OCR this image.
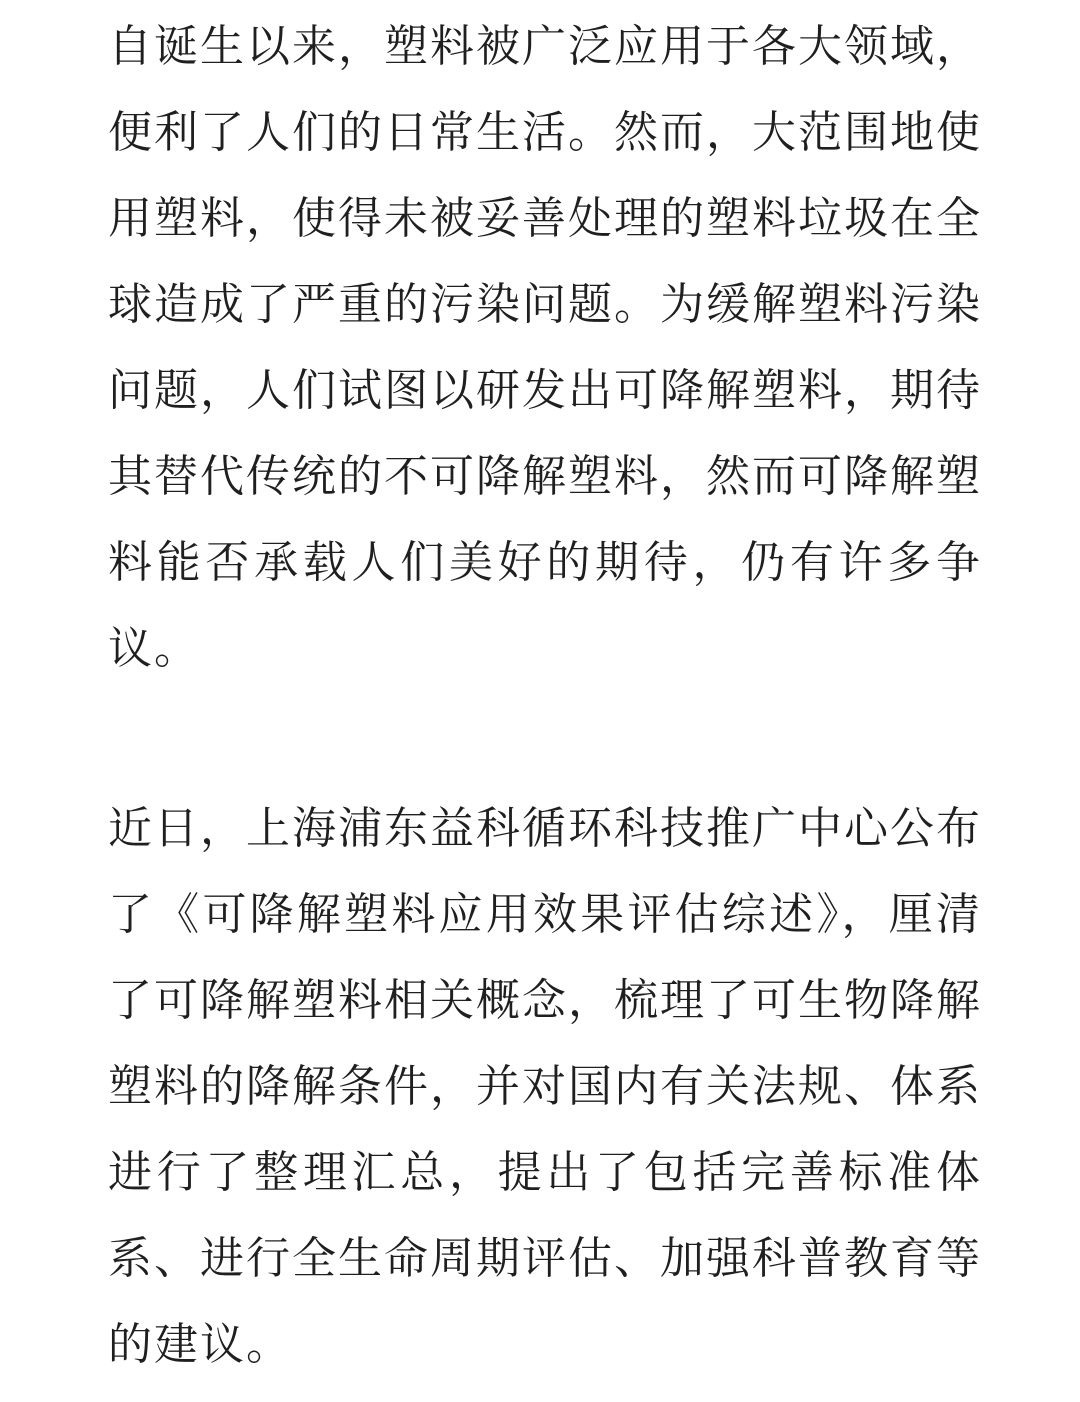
自诞生以来，塑料被广泛应用于各大领域，
便利了人们的日常生活。然而，大范围地使
用塑料，使得未被妥善处理的塑料垃圾在全
球造成了严重的污染问题。为缓解塑料污染
问题，人们试图以研发出可降解塑料，期待
其替代传统的不可降解塑料，然而可降解塑
料能否承载人们美好的期待，仍有许多争
议。
近日，上海浦东益科循环科技推广中心公布
了《可降解塑料应用效果评估综述》，厘清
了可降解塑料相关概念，梳理了可生物降解
塑料的降解条件，并对国内有关法规、体系
进行了整理汇总，提出了包括完善标准体
系、进行全生命周期评估、加强科普教育等
的建议。
